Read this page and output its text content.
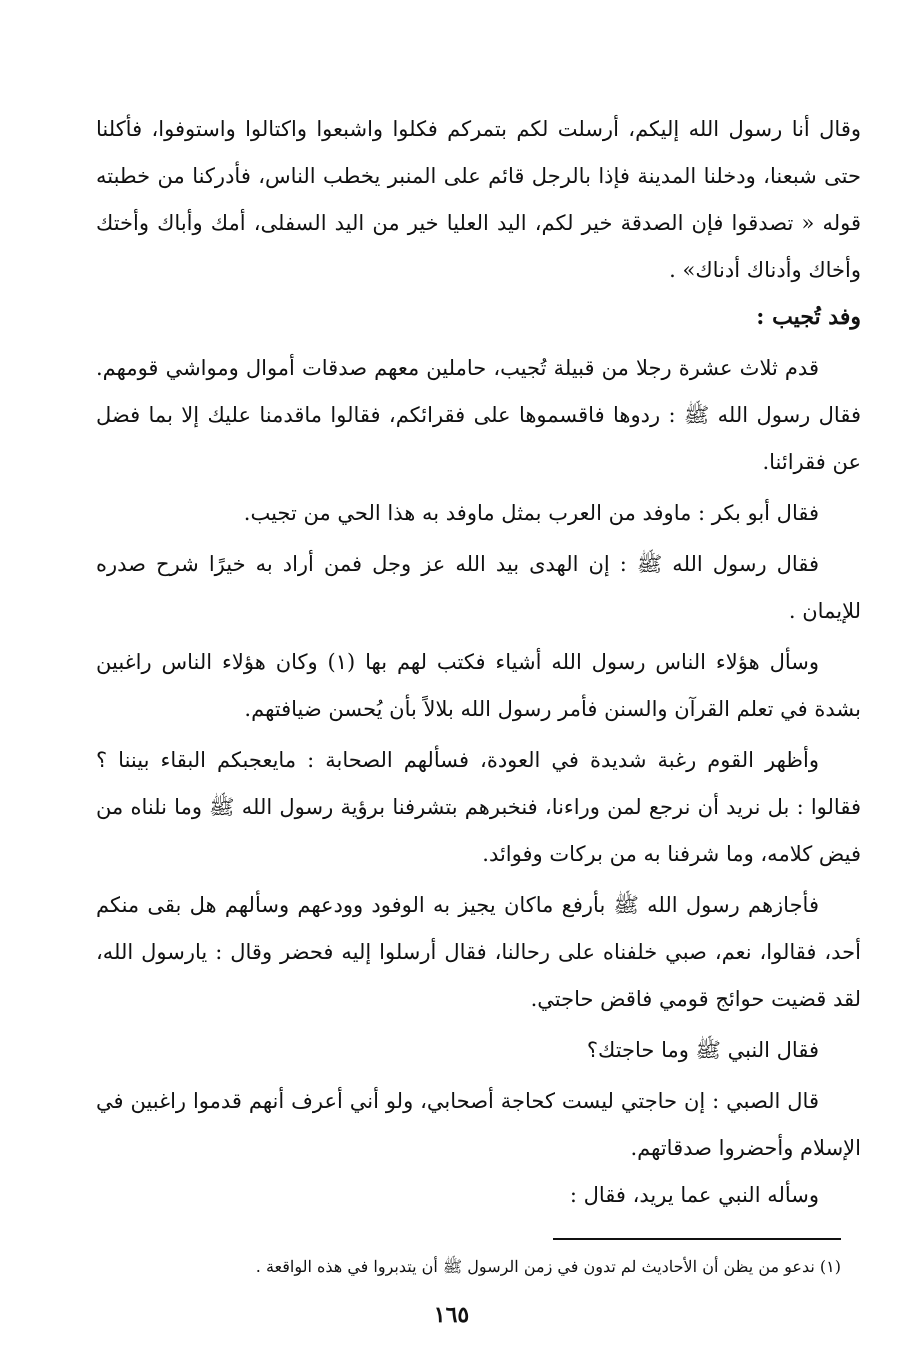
وقال أنا رسول الله إليكم، أرسلت لكم بتمركم فكلوا واشبعوا واكتالوا واستوفوا، فأكلنا حتى شبعنا، ودخلنا المدينة فإذا بالرجل قائم على المنبر يخطب الناس، فأدركنا من خطبته قوله « تصدقوا فإن الصدقة خير لكم، اليد العليا خير من اليد السفلى، أمك وأباك وأختك وأخاك وأدناك أدناك» .

وفد تُجيب :

قدم ثلاث عشرة رجلا من قبيلة تُجيب، حاملين معهم صدقات أموال ومواشي قومهم. فقال رسول الله ﷺ : ردوها فاقسموها على فقرائكم، فقالوا ماقدمنا عليك إلا بما فضل عن فقرائنا.

فقال أبو بكر : ماوفد من العرب بمثل ماوفد به هذا الحي من تجيب.

فقال رسول الله ﷺ : إن الهدى بيد الله عز وجل فمن أراد به خيرًا شرح صدره للإيمان .

وسأل هؤلاء الناس رسول الله أشياء فكتب لهم بها (١) وكان هؤلاء الناس راغبين بشدة في تعلم القرآن والسنن فأمر رسول الله بلالاً بأن يُحسن ضيافتهم.

وأظهر القوم رغبة شديدة في العودة، فسألهم الصحابة : مايعجبكم البقاء بيننا ؟ فقالوا : بل نريد أن نرجع لمن وراءنا، فنخبرهم بتشرفنا برؤية رسول الله ﷺ وما نلناه من فيض كلامه، وما شرفنا به من بركات وفوائد.

فأجازهم رسول الله ﷺ بأرفع ماكان يجيز به الوفود وودعهم وسألهم هل بقى منكم أحد، فقالوا، نعم، صبي خلفناه على رحالنا، فقال أرسلوا إليه فحضر وقال : يارسول الله، لقد قضيت حوائج قومي فاقض حاجتي.

فقال النبي ﷺ وما حاجتك؟

قال الصبي : إن حاجتي ليست كحاجة أصحابي، ولو أني أعرف أنهم قدموا راغبين في الإسلام وأحضروا صدقاتهم.

وسأله النبي عما يريد، فقال :

(١) ندعو من يظن أن الأحاديث لم تدون في زمن الرسول ﷺ أن يتدبروا في هذه الواقعة .

١٦٥
